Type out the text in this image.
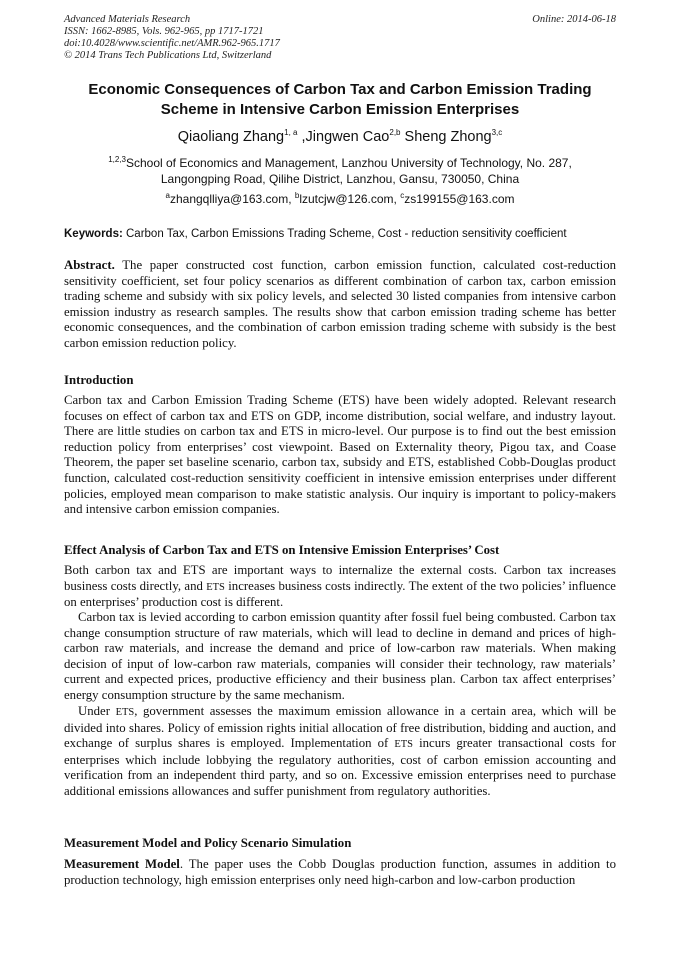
Advanced Materials Research
ISSN: 1662-8985, Vols. 962-965, pp 1717-1721
doi:10.4028/www.scientific.net/AMR.962-965.1717
© 2014 Trans Tech Publications Ltd, Switzerland
Online: 2014-06-18
Economic Consequences of Carbon Tax and Carbon Emission Trading
Scheme in Intensive Carbon Emission Enterprises
Qiaoliang Zhang$^{1, a}$ ,Jingwen Cao$^{2,b}$ Sheng Zhong$^{3,c}$
$^{1,2,3}$School of Economics and Management, Lanzhou University of Technology, No. 287,
Langongping Road, Qilihe District, Lanzhou, Gansu, 730050, China
$^a$zhangqlliya@163.com, $^b$lzutcjw@126.com, $^c$zs199155@163.com
Keywords: Carbon Tax, Carbon Emissions Trading Scheme, Cost - reduction sensitivity coefficient
Abstract. The paper constructed cost function, carbon emission function, calculated cost-reduction sensitivity coefficient, set four policy scenarios as different combination of carbon tax, carbon emission trading scheme and subsidy with six policy levels, and selected 30 listed companies from intensive carbon emission industry as research samples. The results show that carbon emission trading scheme has better economic consequences, and the combination of carbon emission trading scheme with subsidy is the best carbon emission reduction policy.
Introduction
Carbon tax and Carbon Emission Trading Scheme (ETS) have been widely adopted. Relevant research focuses on effect of carbon tax and ETS on GDP, income distribution, social welfare, and industry layout. There are little studies on carbon tax and ETS in micro-level. Our purpose is to find out the best emission reduction policy from enterprises’ cost viewpoint. Based on Externality theory, Pigou tax, and Coase Theorem, the paper set baseline scenario, carbon tax, subsidy and ETS, established Cobb-Douglas product function, calculated cost-reduction sensitivity coefficient in intensive emission enterprises under different policies, employed mean comparison to make statistic analysis. Our inquiry is important to policy-makers and intensive carbon emission companies.
Effect Analysis of Carbon Tax and ETS on Intensive Emission Enterprises’ Cost
Both carbon tax and ETS are important ways to internalize the external costs. Carbon tax increases business costs directly, and ETS increases business costs indirectly. The extent of the two policies’ influence on enterprises’ production cost is different.
Carbon tax is levied according to carbon emission quantity after fossil fuel being combusted. Carbon tax change consumption structure of raw materials, which will lead to decline in demand and prices of high-carbon raw materials, and increase the demand and price of low-carbon raw materials. When making decision of input of low-carbon raw materials, companies will consider their technology, raw materials’ current and expected prices, productive efficiency and their business plan. Carbon tax affect enterprises’ energy consumption structure by the same mechanism.
Under ETS, government assesses the maximum emission allowance in a certain area, which will be divided into shares. Policy of emission rights initial allocation of free distribution, bidding and auction, and exchange of surplus shares is employed. Implementation of ETS incurs greater transactional costs for enterprises which include lobbying the regulatory authorities, cost of carbon emission accounting and verification from an independent third party, and so on. Excessive emission enterprises need to purchase additional emissions allowances and suffer punishment from regulatory authorities.
Measurement Model and Policy Scenario Simulation
Measurement Model. The paper uses the Cobb Douglas production function, assumes in addition to production technology, high emission enterprises only need high-carbon and low-carbon production
